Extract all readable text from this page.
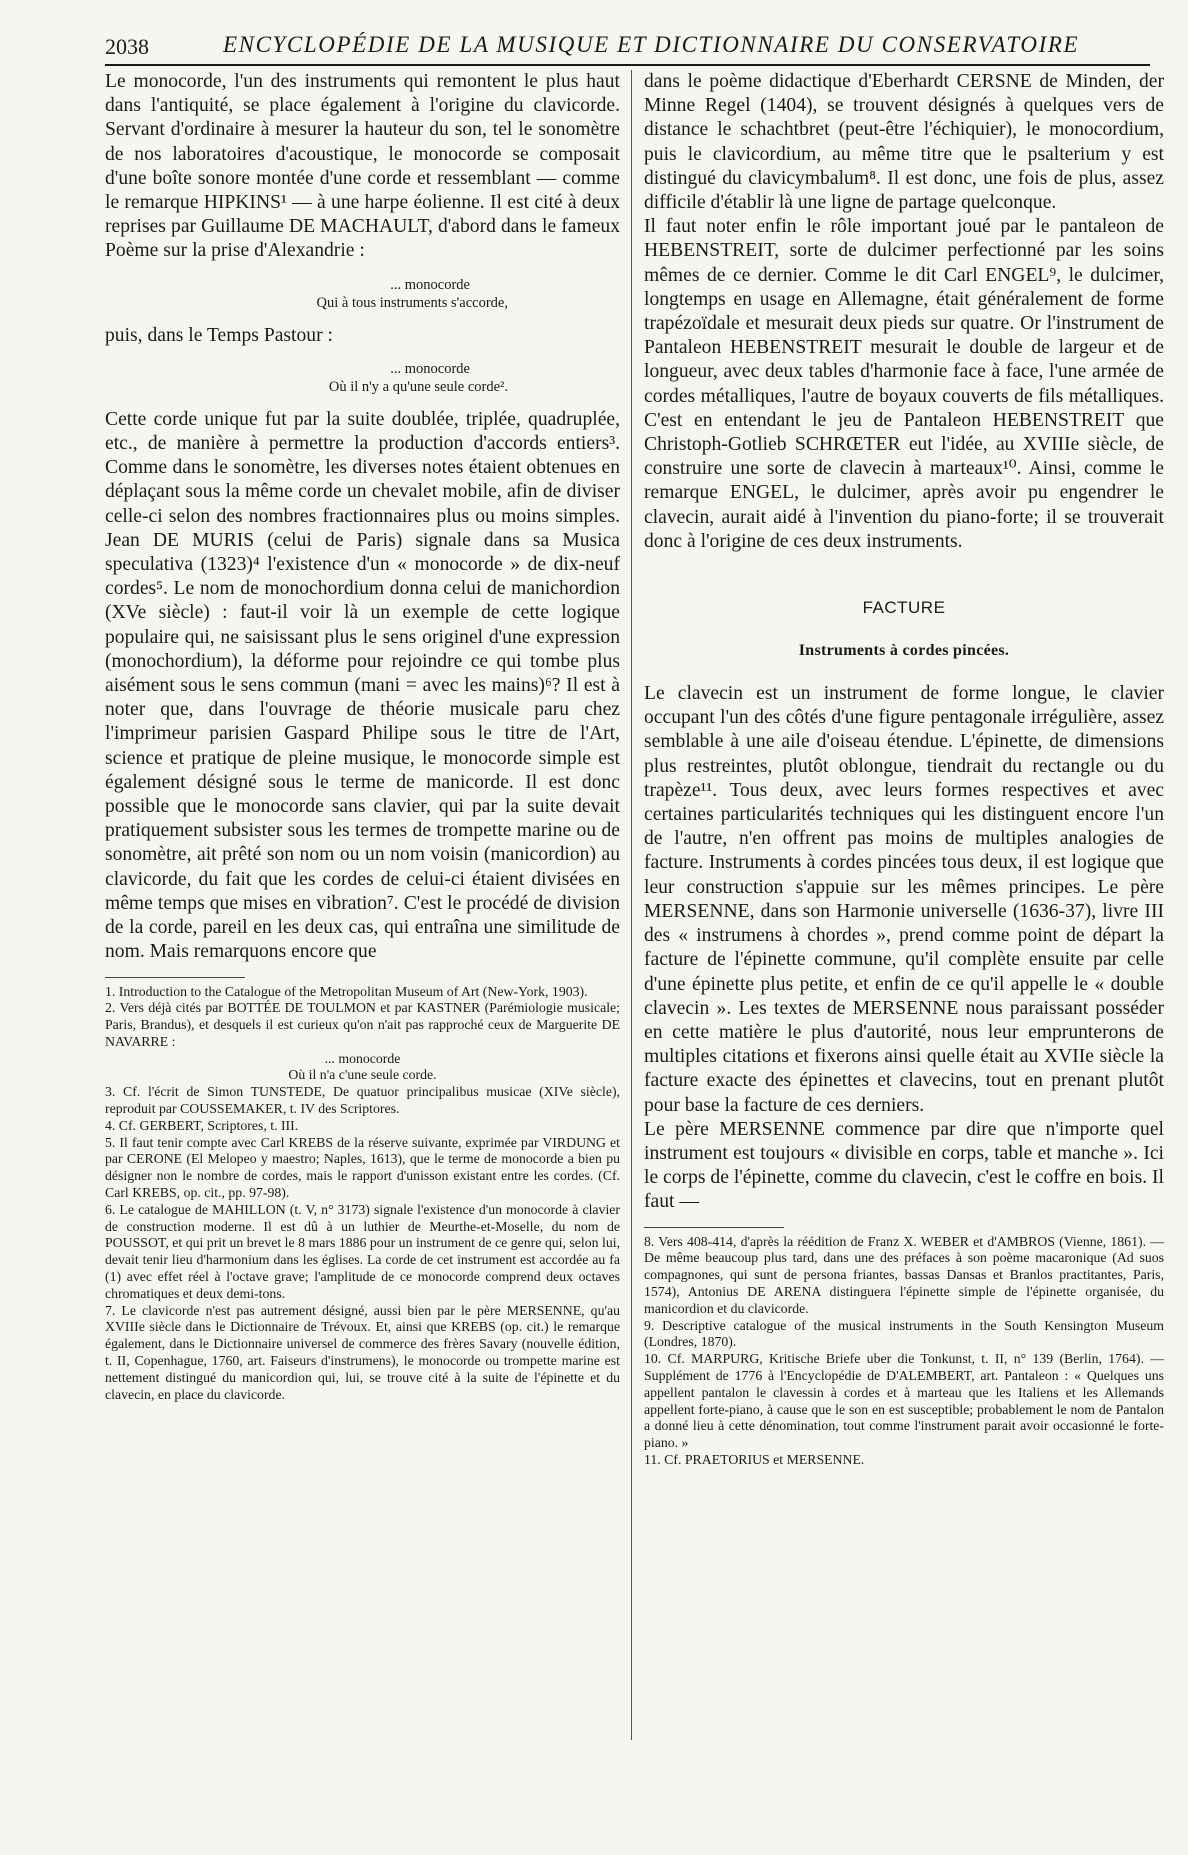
2038	ENCYCLOPÉDIE DE LA MUSIQUE ET DICTIONNAIRE DU CONSERVATOIRE

Le monocorde, l'un des instruments qui remontent le plus haut dans l'antiquité, se place également à l'origine du clavicorde. Servant d'ordinaire à mesurer la hauteur du son, tel le sonomètre de nos laboratoires d'acoustique, le monocorde se composait d'une boîte sonore montée d'une corde et ressemblant — comme le remarque HIPKINS¹ — à une harpe éolienne. Il est cité à deux reprises par Guillaume DE MACHAULT, d'abord dans le fameux Poème sur la prise d'Alexandrie :

... monocorde
Qui à tous instruments s'accorde,

puis, dans le Temps Pastour :

... monocorde
Où il n'y a qu'une seule corde².

Cette corde unique fut par la suite doublée, triplée, quadruplée, etc., de manière à permettre la production d'accords entiers³. Comme dans le sonomètre, les diverses notes étaient obtenues en déplaçant sous la même corde un chevalet mobile, afin de diviser celle-ci selon des nombres fractionnaires plus ou moins simples. Jean DE MURIS (celui de Paris) signale dans sa Musica speculativa (1323)⁴ l'existence d'un « monocorde » de dix-neuf cordes⁵. Le nom de monochordium donna celui de manichordion (XVe siècle) : faut-il voir là un exemple de cette logique populaire qui, ne saisissant plus le sens originel d'une expression (monochordium), la déforme pour rejoindre ce qui tombe plus aisément sous le sens commun (mani = avec les mains)⁶? Il est à noter que, dans l'ouvrage de théorie musicale paru chez l'imprimeur parisien Gaspard Philipe sous le titre de l'Art, science et pratique de pleine musique, le monocorde simple est également désigné sous le terme de manicorde. Il est donc possible que le monocorde sans clavier, qui par la suite devait pratiquement subsister sous les termes de trompette marine ou de sonomètre, ait prêté son nom ou un nom voisin (manicordion) au clavicorde, du fait que les cordes de celui-ci étaient divisées en même temps que mises en vibration⁷. C'est le procédé de division de la corde, pareil en les deux cas, qui entraîna une similitude de nom. Mais remarquons encore que

1. Introduction to the Catalogue of the Metropolitan Museum of Art (New-York, 1903).

2. Vers déjà cités par BOTTÉE DE TOULMON et par KASTNER (Parémiologie musicale; Paris, Brandus), et desquels il est curieux qu'on n'ait pas rapproché ceux de Marguerite DE NAVARRE :

... monocorde

Où il n'a c'une seule corde.

3. Cf. l'écrit de Simon TUNSTEDE, De quatuor principalibus musicae (XIVe siècle), reproduit par COUSSEMAKER, t. IV des Scriptores.

4. Cf. GERBERT, Scriptores, t. III.

5. Il faut tenir compte avec Carl KREBS de la réserve suivante, exprimée par VIRDUNG et par CERONE (El Melopeo y maestro; Naples, 1613), que le terme de monocorde a bien pu désigner non le nombre de cordes, mais le rapport d'unisson existant entre les cordes. (Cf. Carl KREBS, op. cit., pp. 97-98).

6. Le catalogue de MAHILLON (t. V, n° 3173) signale l'existence d'un monocorde à clavier de construction moderne. Il est dû à un luthier de Meurthe-et-Moselle, du nom de POUSSOT, et qui prit un brevet le 8 mars 1886 pour un instrument de ce genre qui, selon lui, devait tenir lieu d'harmonium dans les églises. La corde de cet instrument est accordée au fa (1) avec effet réel à l'octave grave; l'amplitude de ce monocorde comprend deux octaves chromatiques et deux demi-tons.

7. Le clavicorde n'est pas autrement désigné, aussi bien par le père MERSENNE, qu'au XVIIIe siècle dans le Dictionnaire de Trévoux. Et, ainsi que KREBS (op. cit.) le remarque également, dans le Dictionnaire universel de commerce des frères Savary (nouvelle édition, t. II, Copenhague, 1760, art. Faiseurs d'instrumens), le monocorde ou trompette marine est nettement distingué du manicordion qui, lui, se trouve cité à la suite de l'épinette et du clavecin, en place du clavicorde.

dans le poème didactique d'Eberhardt CERSNE de Minden, der Minne Regel (1404), se trouvent désignés à quelques vers de distance le schachtbret (peut-être l'échiquier), le monocordium, puis le clavicordium, au même titre que le psalterium y est distingué du clavicymbalum⁸. Il est donc, une fois de plus, assez difficile d'établir là une ligne de partage quelconque.

Il faut noter enfin le rôle important joué par le pantaleon de HEBENSTREIT, sorte de dulcimer perfectionné par les soins mêmes de ce dernier. Comme le dit Carl ENGEL⁹, le dulcimer, longtemps en usage en Allemagne, était généralement de forme trapézoïdale et mesurait deux pieds sur quatre. Or l'instrument de Pantaleon HEBENSTREIT mesurait le double de largeur et de longueur, avec deux tables d'harmonie face à face, l'une armée de cordes métalliques, l'autre de boyaux couverts de fils métalliques. C'est en entendant le jeu de Pantaleon HEBENSTREIT que Christoph-Gotlieb SCHRŒTER eut l'idée, au XVIIIe siècle, de construire une sorte de clavecin à marteaux¹⁰. Ainsi, comme le remarque ENGEL, le dulcimer, après avoir pu engendrer le clavecin, aurait aidé à l'invention du piano-forte; il se trouverait donc à l'origine de ces deux instruments.

FACTURE
Instruments à cordes pincées.

Le clavecin est un instrument de forme longue, le clavier occupant l'un des côtés d'une figure pentagonale irrégulière, assez semblable à une aile d'oiseau étendue. L'épinette, de dimensions plus restreintes, plutôt oblongue, tiendrait du rectangle ou du trapèze¹¹. Tous deux, avec leurs formes respectives et avec certaines particularités techniques qui les distinguent encore l'un de l'autre, n'en offrent pas moins de multiples analogies de facture. Instruments à cordes pincées tous deux, il est logique que leur construction s'appuie sur les mêmes principes. Le père MERSENNE, dans son Harmonie universelle (1636-37), livre III des « instrumens à chordes », prend comme point de départ la facture de l'épinette commune, qu'il complète ensuite par celle d'une épinette plus petite, et enfin de ce qu'il appelle le « double clavecin ». Les textes de MERSENNE nous paraissant posséder en cette matière le plus d'autorité, nous leur emprunterons de multiples citations et fixerons ainsi quelle était au XVIIe siècle la facture exacte des épinettes et clavecins, tout en prenant plutôt pour base la facture de ces derniers.

Le père MERSENNE commence par dire que n'importe quel instrument est toujours « divisible en corps, table et manche ». Ici le corps de l'épinette, comme du clavecin, c'est le coffre en bois. Il faut —

8. Vers 408-414, d'après la réédition de Franz X. WEBER et d'AMBROS (Vienne, 1861). — De même beaucoup plus tard, dans une des préfaces à son poème macaronique (Ad suos compagnones, qui sunt de persona friantes, bassas Dansas et Branlos practitantes, Paris, 1574), Antonius DE ARENA distinguera l'épinette simple de l'épinette organisée, du manicordion et du clavicorde.

9. Descriptive catalogue of the musical instruments in the South Kensington Museum (Londres, 1870).

10. Cf. MARPURG, Kritische Briefe uber die Tonkunst, t. II, n° 139 (Berlin, 1764). — Supplément de 1776 à l'Encyclopédie de D'ALEMBERT, art. Pantaleon : « Quelques uns appellent pantalon le clavessin à cordes et à marteau que les Italiens et les Allemands appellent forte-piano, à cause que le son en est susceptible; probablement le nom de Pantalon a donné lieu à cette dénomination, tout comme l'instrument parait avoir occasionné le forte-piano. »

11. Cf. PRAETORIUS et MERSENNE.
